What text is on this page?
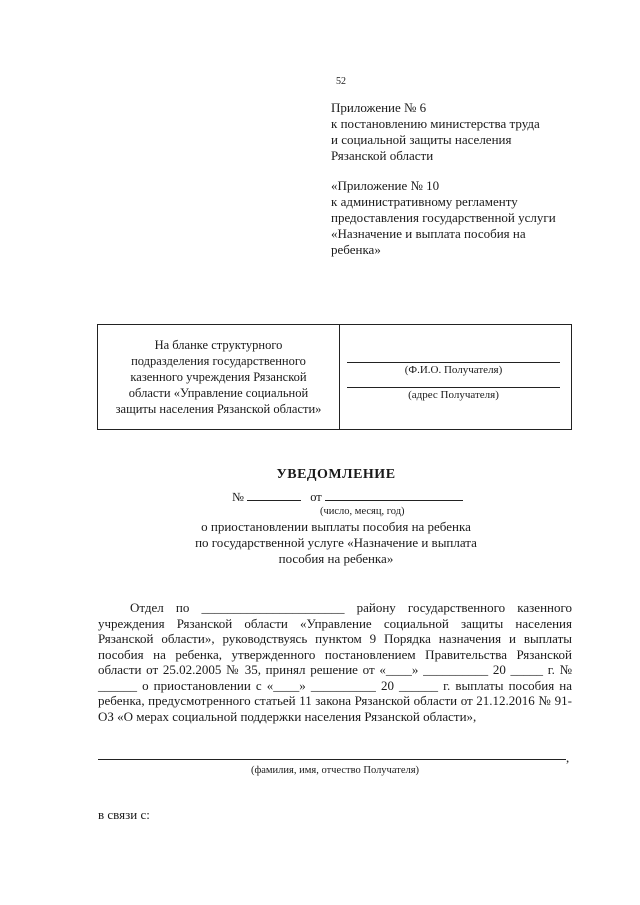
52
Приложение № 6
к постановлению министерства труда
и социальной защиты населения
Рязанской области
«Приложение № 10
к административному регламенту
предоставления государственной услуги
«Назначение и выплата пособия на
ребенка»
На бланке структурного
подразделения государственного
казенного учреждения Рязанской
области «Управление социальной
защиты населения Рязанской области»
(Ф.И.О. Получателя)
(адрес Получателя)
УВЕДОМЛЕНИЕ
№	от
(число, месяц, год)
о приостановлении выплаты пособия на ребенка
по государственной услуге «Назначение и выплата
пособия на ребенка»

Отдел по ______________________ району государственного казенного учреждения Рязанской области «Управление социальной защиты населения Рязанской области», руководствуясь пунктом 9 Порядка назначения и выплаты пособия на ребенка, утвержденного постановлением Правительства Рязанской области от 25.02.2005 № 35, принял решение от «____» __________ 20 _____ г. № ______ о приостановлении с «____» __________ 20 ______ г. выплаты пособия на ребенка, предусмотренного статьей 11 закона Рязанской области от 21.12.2016 № 91-ОЗ «О мерах социальной поддержки населения Рязанской области»,

,
(фамилия, имя, отчество Получателя)
в связи с:
